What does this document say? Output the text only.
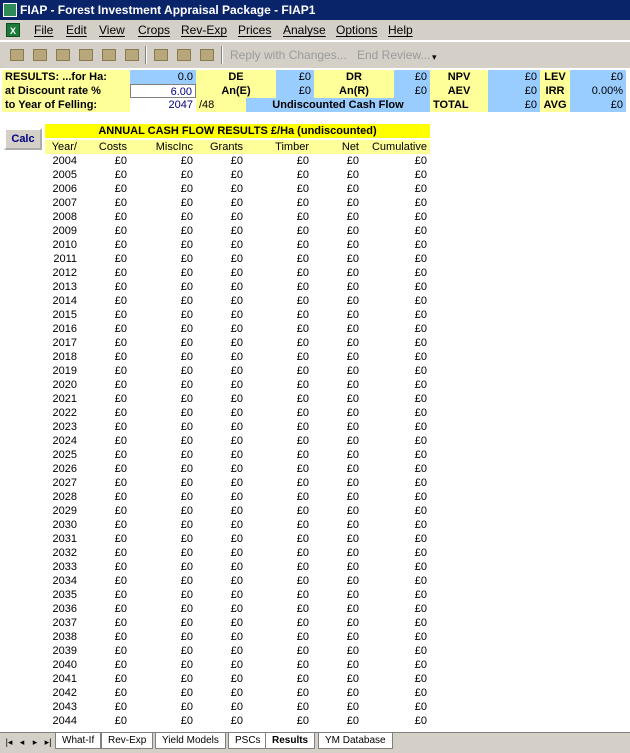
FIAP - Forest Investment Appraisal Package - FIAP1
X	File Edit View Crops Rev-Exp Prices Analyse Options Help
Reply with Changes... End Review... ▾
RESULTS: ...for Ha:	0.0	DE	£0	DR	£0	NPV	£0 LEV	£0
at Discount rate %	6.00	An(E)	£0	An(R)	£0	AEV	£0 IRR	0.00%
to Year of Felling:	2047 /48	Undiscounted Cash Flow	TOTAL	£0 AVG	£0
Calc
ANNUAL CASH FLOW RESULTS £/Ha (undiscounted)
Year/	Costs	MiscInc	Grants	Timber	Net	Cumulative
2004	£0	£0	£0	£0	£0	£0
2005	£0	£0	£0	£0	£0	£0
2006	£0	£0	£0	£0	£0	£0
2007	£0	£0	£0	£0	£0	£0
2008	£0	£0	£0	£0	£0	£0
2009	£0	£0	£0	£0	£0	£0
2010	£0	£0	£0	£0	£0	£0
2011	£0	£0	£0	£0	£0	£0
2012	£0	£0	£0	£0	£0	£0
2013	£0	£0	£0	£0	£0	£0
2014	£0	£0	£0	£0	£0	£0
2015	£0	£0	£0	£0	£0	£0
2016	£0	£0	£0	£0	£0	£0
2017	£0	£0	£0	£0	£0	£0
2018	£0	£0	£0	£0	£0	£0
2019	£0	£0	£0	£0	£0	£0
2020	£0	£0	£0	£0	£0	£0
2021	£0	£0	£0	£0	£0	£0
2022	£0	£0	£0	£0	£0	£0
2023	£0	£0	£0	£0	£0	£0
2024	£0	£0	£0	£0	£0	£0
2025	£0	£0	£0	£0	£0	£0
2026	£0	£0	£0	£0	£0	£0
2027	£0	£0	£0	£0	£0	£0
2028	£0	£0	£0	£0	£0	£0
2029	£0	£0	£0	£0	£0	£0
2030	£0	£0	£0	£0	£0	£0
2031	£0	£0	£0	£0	£0	£0
2032	£0	£0	£0	£0	£0	£0
2033	£0	£0	£0	£0	£0	£0
2034	£0	£0	£0	£0	£0	£0
2035	£0	£0	£0	£0	£0	£0
2036	£0	£0	£0	£0	£0	£0
2037	£0	£0	£0	£0	£0	£0
2038	£0	£0	£0	£0	£0	£0
2039	£0	£0	£0	£0	£0	£0
2040	£0	£0	£0	£0	£0	£0
2041	£0	£0	£0	£0	£0	£0
2042	£0	£0	£0	£0	£0	£0
2043	£0	£0	£0	£0	£0	£0
2044	£0	£0	£0	£0	£0	£0
|◂ ◂ ▸ ▸|	What-If	Rev-Exp	Yield Models	PSCs	Results	YM Database
